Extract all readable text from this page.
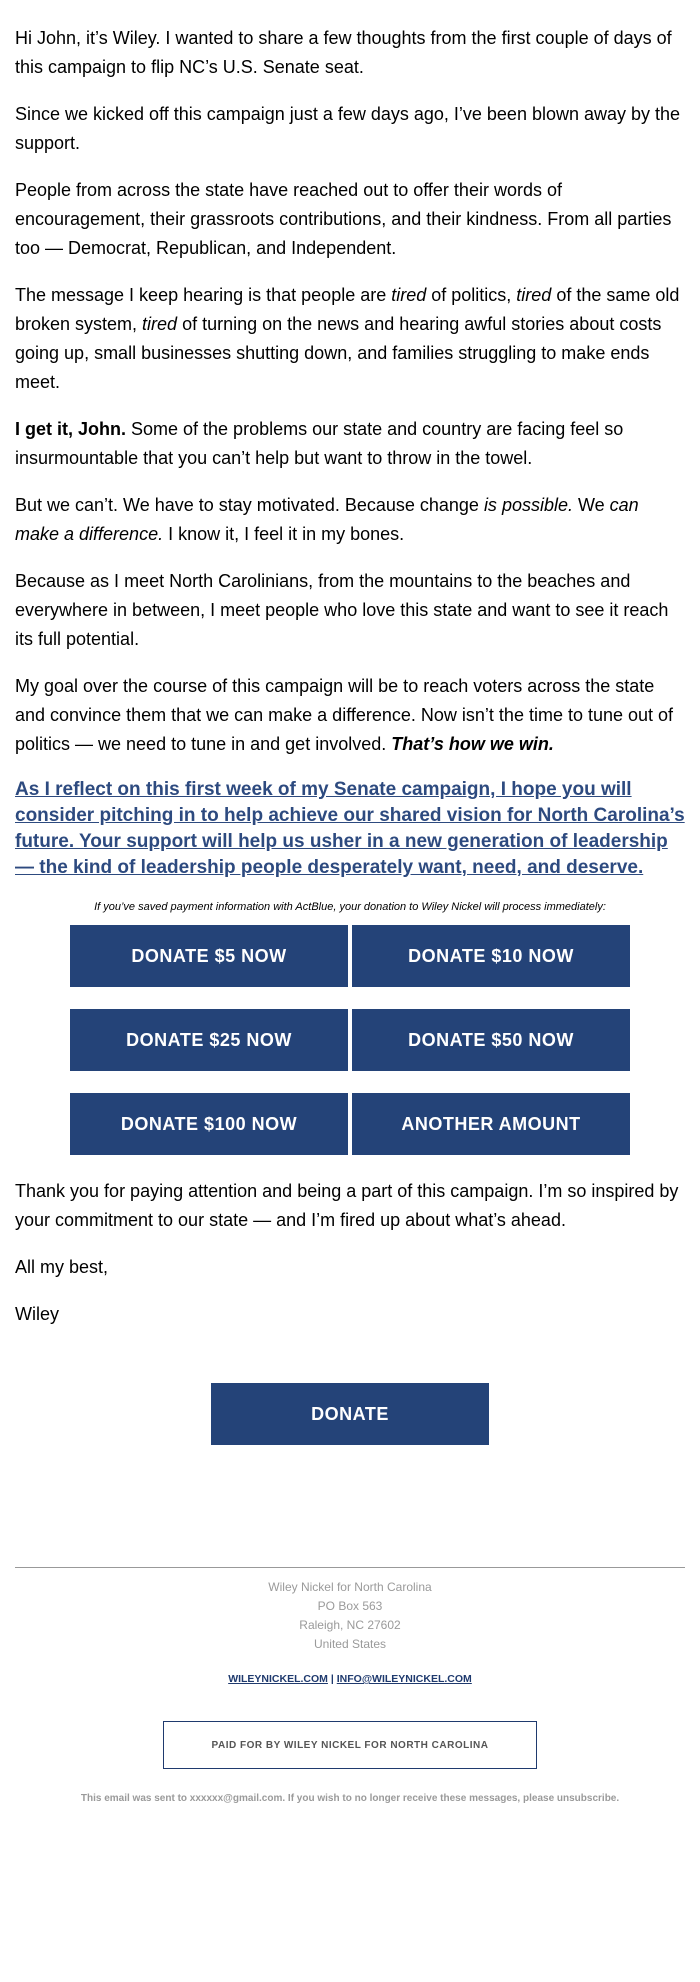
Hi John, it’s Wiley. I wanted to share a few thoughts from the first couple of days of this campaign to flip NC’s U.S. Senate seat.

Since we kicked off this campaign just a few days ago, I’ve been blown away by the support.

People from across the state have reached out to offer their words of encouragement, their grassroots contributions, and their kindness. From all parties too — Democrat, Republican, and Independent.

The message I keep hearing is that people are tired of politics, tired of the same old broken system, tired of turning on the news and hearing awful stories about costs going up, small businesses shutting down, and families struggling to make ends meet.

I get it, John. Some of the problems our state and country are facing feel so insurmountable that you can’t help but want to throw in the towel.

But we can’t. We have to stay motivated. Because change is possible. We can make a difference. I know it, I feel it in my bones.

Because as I meet North Carolinians, from the mountains to the beaches and everywhere in between, I meet people who love this state and want to see it reach its full potential.

My goal over the course of this campaign will be to reach voters across the state and convince them that we can make a difference. Now isn’t the time to tune out of politics — we need to tune in and get involved. That’s how we win.

As I reflect on this first week of my Senate campaign, I hope you will consider pitching in to help achieve our shared vision for North Carolina’s future. Your support will help us usher in a new generation of leadership — the kind of leadership people desperately want, need, and deserve.

If you’ve saved payment information with ActBlue, your donation to Wiley Nickel will process immediately:

DONATE $5 NOW	DONATE $10 NOW
DONATE $25 NOW	DONATE $50 NOW
DONATE $100 NOW	ANOTHER AMOUNT

Thank you for paying attention and being a part of this campaign. I’m so inspired by your commitment to our state — and I’m fired up about what’s ahead.

All my best,

Wiley

DONATE
Wiley Nickel for North Carolina
PO Box 563
Raleigh, NC 27602
United States
WILEYNICKEL.COM | INFO@WILEYNICKEL.COM
PAID FOR BY WILEY NICKEL FOR NORTH CAROLINA
This email was sent to xxxxxx@gmail.com. If you wish to no longer receive these messages, please unsubscribe.
